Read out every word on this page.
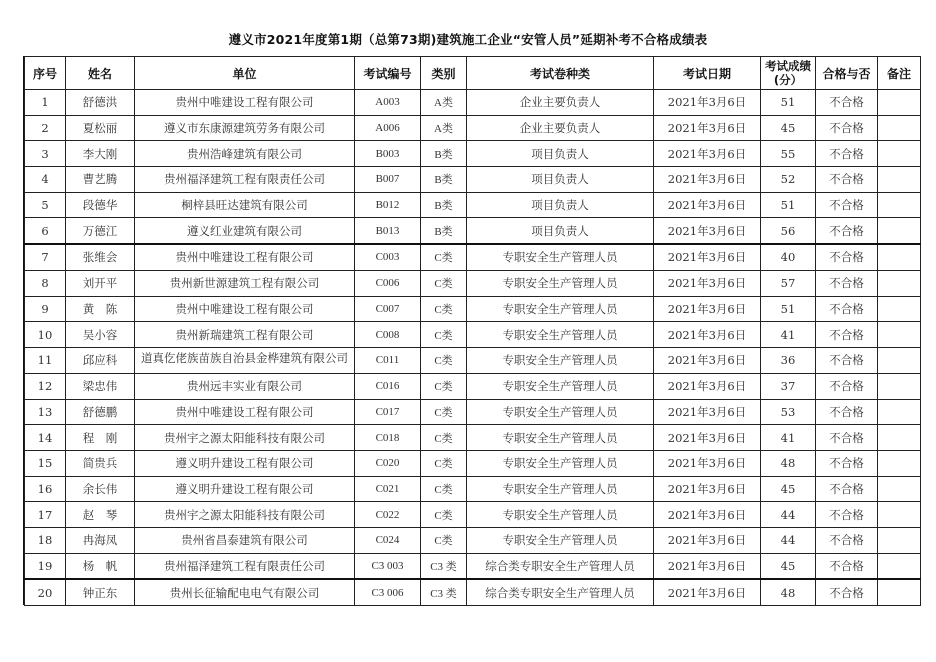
遵义市2021年度第1期（总第73期)建筑施工企业“安管人员”延期补考不合格成绩表
序号	姓名	单位	考试编号	类别	考试卷种类	考试日期	考试成绩(分）	合格与否	备注
1	舒德洪	贵州中唯建设工程有限公司	A003	A类	企业主要负责人	2021年3月6日	51	不合格	
2	夏松丽	遵义市东康源建筑劳务有限公司	A006	A类	企业主要负责人	2021年3月6日	45	不合格	
3	李大刚	贵州浩峰建筑有限公司	B003	B类	项目负责人	2021年3月6日	55	不合格	
4	曹艺腾	贵州福泽建筑工程有限责任公司	B007	B类	项目负责人	2021年3月6日	52	不合格	
5	段德华	桐梓县旺达建筑有限公司	B012	B类	项目负责人	2021年3月6日	51	不合格	
6	万德江	遵义红业建筑有限公司	B013	B类	项目负责人	2021年3月6日	56	不合格	
7	张维会	贵州中唯建设工程有限公司	C003	C类	专职安全生产管理人员	2021年3月6日	40	不合格	
8	刘开平	贵州新世源建筑工程有限公司	C006	C类	专职安全生产管理人员	2021年3月6日	57	不合格	
9	黄　陈	贵州中唯建设工程有限公司	C007	C类	专职安全生产管理人员	2021年3月6日	51	不合格	
10	吴小容	贵州新瑞建筑工程有限公司	C008	C类	专职安全生产管理人员	2021年3月6日	41	不合格	
11	邱应科	道真仡佬族苗族自治县金桦建筑有限公司	C011	C类	专职安全生产管理人员	2021年3月6日	36	不合格	
12	梁忠伟	贵州远丰实业有限公司	C016	C类	专职安全生产管理人员	2021年3月6日	37	不合格	
13	舒德鹏	贵州中唯建设工程有限公司	C017	C类	专职安全生产管理人员	2021年3月6日	53	不合格	
14	程　刚	贵州宇之源太阳能科技有限公司	C018	C类	专职安全生产管理人员	2021年3月6日	41	不合格	
15	简贵兵	遵义明升建设工程有限公司	C020	C类	专职安全生产管理人员	2021年3月6日	48	不合格	
16	余长伟	遵义明升建设工程有限公司	C021	C类	专职安全生产管理人员	2021年3月6日	45	不合格	
17	赵　琴	贵州宇之源太阳能科技有限公司	C022	C类	专职安全生产管理人员	2021年3月6日	44	不合格	
18	冉海凤	贵州省昌泰建筑有限公司	C024	C类	专职安全生产管理人员	2021年3月6日	44	不合格	
19	杨　帆	贵州福泽建筑工程有限责任公司	C3 003	C3 类	综合类专职安全生产管理人员	2021年3月6日	45	不合格	
20	钟正东	贵州长征输配电电气有限公司	C3 006	C3 类	综合类专职安全生产管理人员	2021年3月6日	48	不合格	
